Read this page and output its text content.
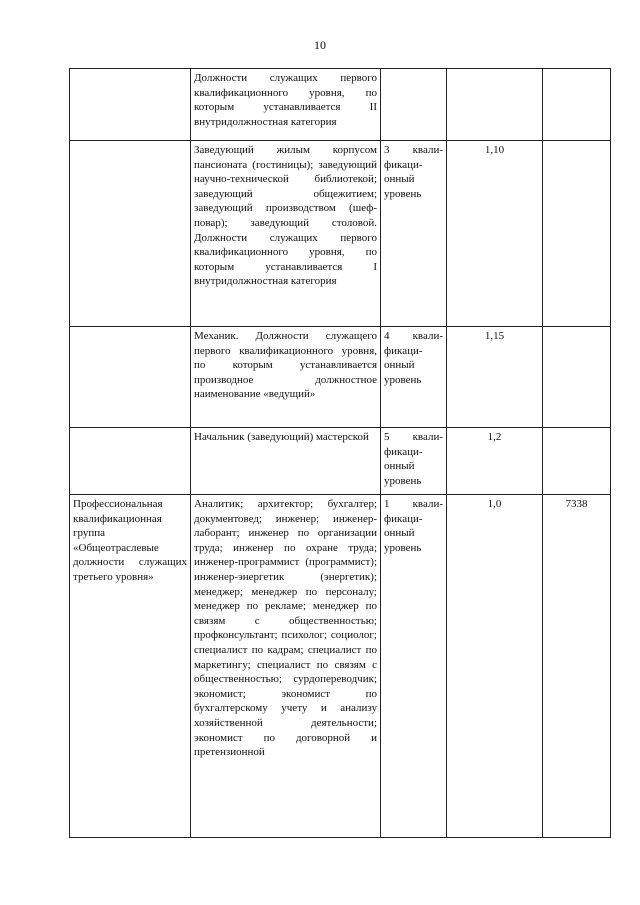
10
	Должности служащих первого квалификационного уровня, по которым устанавливается II внутридолжностная категория			
	Заведующий жилым корпусом пансионата (гостиницы); заведующий научно-технической библиотекой; заведующий общежитием; заведующий производством (шеф-повар); заведующий столовой. Должности служащих первого квалификационного уровня, по которым устанавливается I внутридолжностная категория	3 квали-фикаци-онный уровень	1,10	
	Механик. Должности служащего первого квалификационного уровня, по которым устанавливается производное должностное наименование «ведущий»	4 квали-фикаци-онный уровень	1,15	
	Начальник (заведующий) мастерской	5 квали-фикаци-онный уровень	1,2	
Профессиональная квалификационная группа «Общеотраслевые должности служащих третьего уровня»	Аналитик; архитектор; бухгалтер; документовед; инженер; инженер-лаборант; инженер по организации труда; инженер по охране труда; инженер-программист (программист); инженер-энергетик (энергетик); менеджер; менеджер по персоналу; менеджер по рекламе; менеджер по связям с общественностью; профконсультант; психолог; социолог; специалист по кадрам; специалист по маркетингу; специалист по связям с общественностью; сурдопереводчик; экономист; экономист по бухгалтерскому учету и анализу хозяйственной деятельности; экономист по договорной и претензионной	1 квали-фикаци-онный уровень	1,0	7338
